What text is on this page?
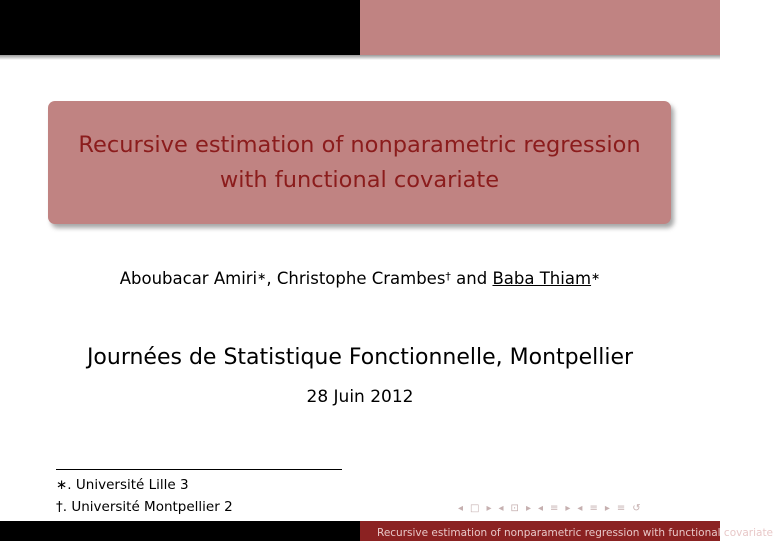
Recursive estimation of nonparametric regression
with functional covariate
Aboubacar Amiri∗, Christophe Crambes† and Baba Thiam∗
Journées de Statistique Fonctionnelle, Montpellier
28 Juin 2012
∗. Université Lille 3
†. Université Montpellier 2	◂ □ ▸ ◂ ⊡ ▸ ◂ ≡ ▸ ◂ ≡ ▸ ≡ ↺
Recursive estimation of nonparametric regression with functional covariate
